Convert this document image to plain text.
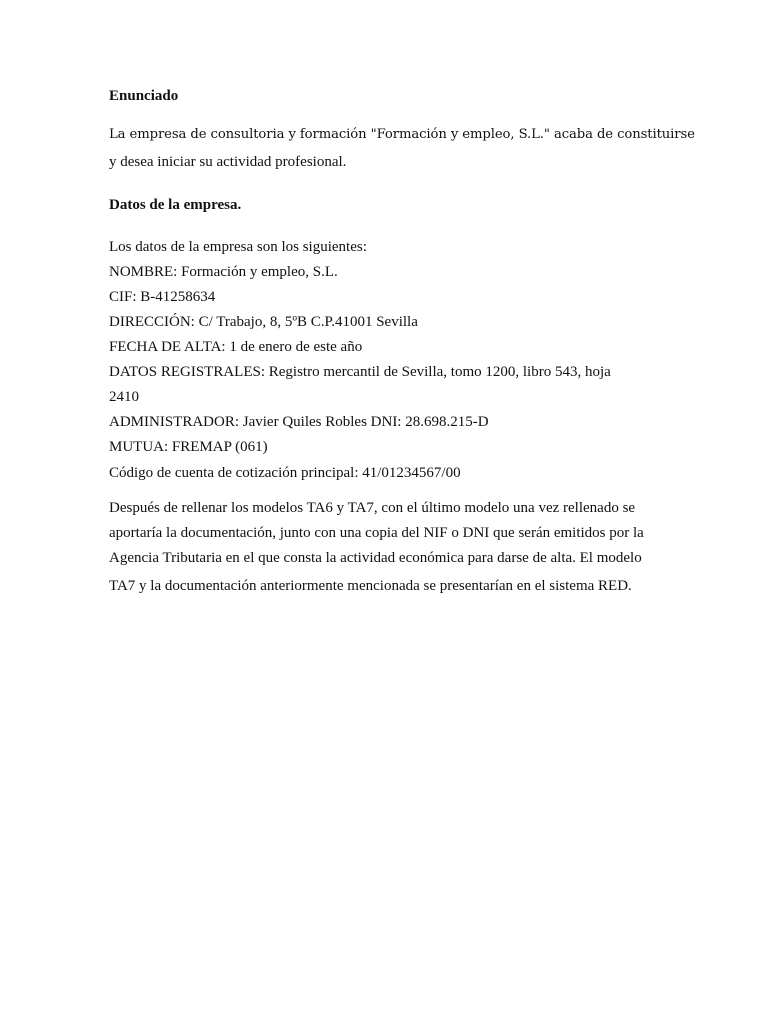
Enunciado
La empresa de consultoria y formación "Formación y empleo, S.L." acaba de constituirse
y desea iniciar su actividad profesional.
Datos de la empresa.
Los datos de la empresa son los siguientes:
NOMBRE: Formación y empleo, S.L.
CIF: B-41258634
DIRECCIÓN: C/ Trabajo, 8, 5ºB C.P.41001 Sevilla
FECHA DE ALTA: 1 de enero de este año
DATOS REGISTRALES: Registro mercantil de Sevilla, tomo 1200, libro 543, hoja
2410
ADMINISTRADOR: Javier Quiles Robles DNI: 28.698.215-D
MUTUA: FREMAP (061)
Código de cuenta de cotización principal: 41/01234567/00
Después de rellenar los modelos TA6 y TA7, con el último modelo una vez rellenado se
aportaría la documentación, junto con una copia del NIF o DNI que serán emitidos por la
Agencia Tributaria en el que consta la actividad económica para darse de alta. El modelo
TA7 y la documentación anteriormente mencionada se presentarían en el sistema RED.
